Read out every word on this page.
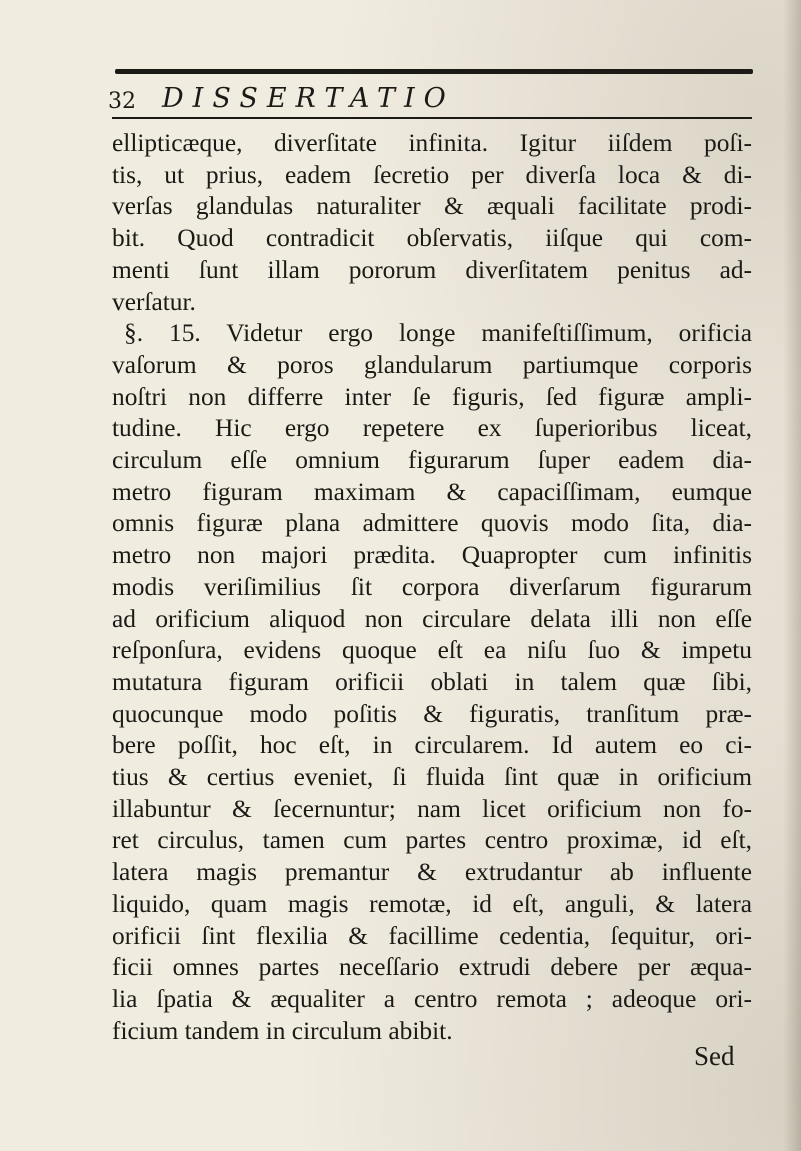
32 DISSERTATIO
ellipticæque, diverſitate infinita. Igitur iiſdem poſi-
tis, ut prius, eadem ſecretio per diverſa loca & di-
verſas glandulas naturaliter & æquali facilitate prodi-
bit. Quod contradicit obſervatis, iiſque qui com-
menti ſunt illam pororum diverſitatem penitus ad-
verſatur.
§. 15. Videtur ergo longe manifeſtiſſimum, orificia
vaſorum & poros glandularum partiumque corporis
noſtri non differre inter ſe figuris, ſed figuræ ampli-
tudine. Hic ergo repetere ex ſuperioribus liceat,
circulum eſſe omnium figurarum ſuper eadem dia-
metro figuram maximam & capaciſſimam, eumque
omnis figuræ plana admittere quovis modo ſita, dia-
metro non majori prædita. Quapropter cum infinitis
modis veriſimilius ſit corpora diverſarum figurarum
ad orificium aliquod non circulare delata illi non eſſe
reſponſura, evidens quoque eſt ea niſu ſuo & impetu
mutatura figuram orificii oblati in talem quæ ſibi,
quocunque modo poſitis & figuratis, tranſitum præ-
bere poſſit, hoc eſt, in circularem. Id autem eo ci-
tius & certius eveniet, ſi fluida ſint quæ in orificium
illabuntur & ſecernuntur; nam licet orificium non fo-
ret circulus, tamen cum partes centro proximæ, id eſt,
latera magis premantur & extrudantur ab influente
liquido, quam magis remotæ, id eſt, anguli, & latera
orificii ſint flexilia & facillime cedentia, ſequitur, ori-
ficii omnes partes neceſſario extrudi debere per æqua-
lia ſpatia & æqualiter a centro remota ; adeoque ori-
ficium tandem in circulum abibit.
Sed
